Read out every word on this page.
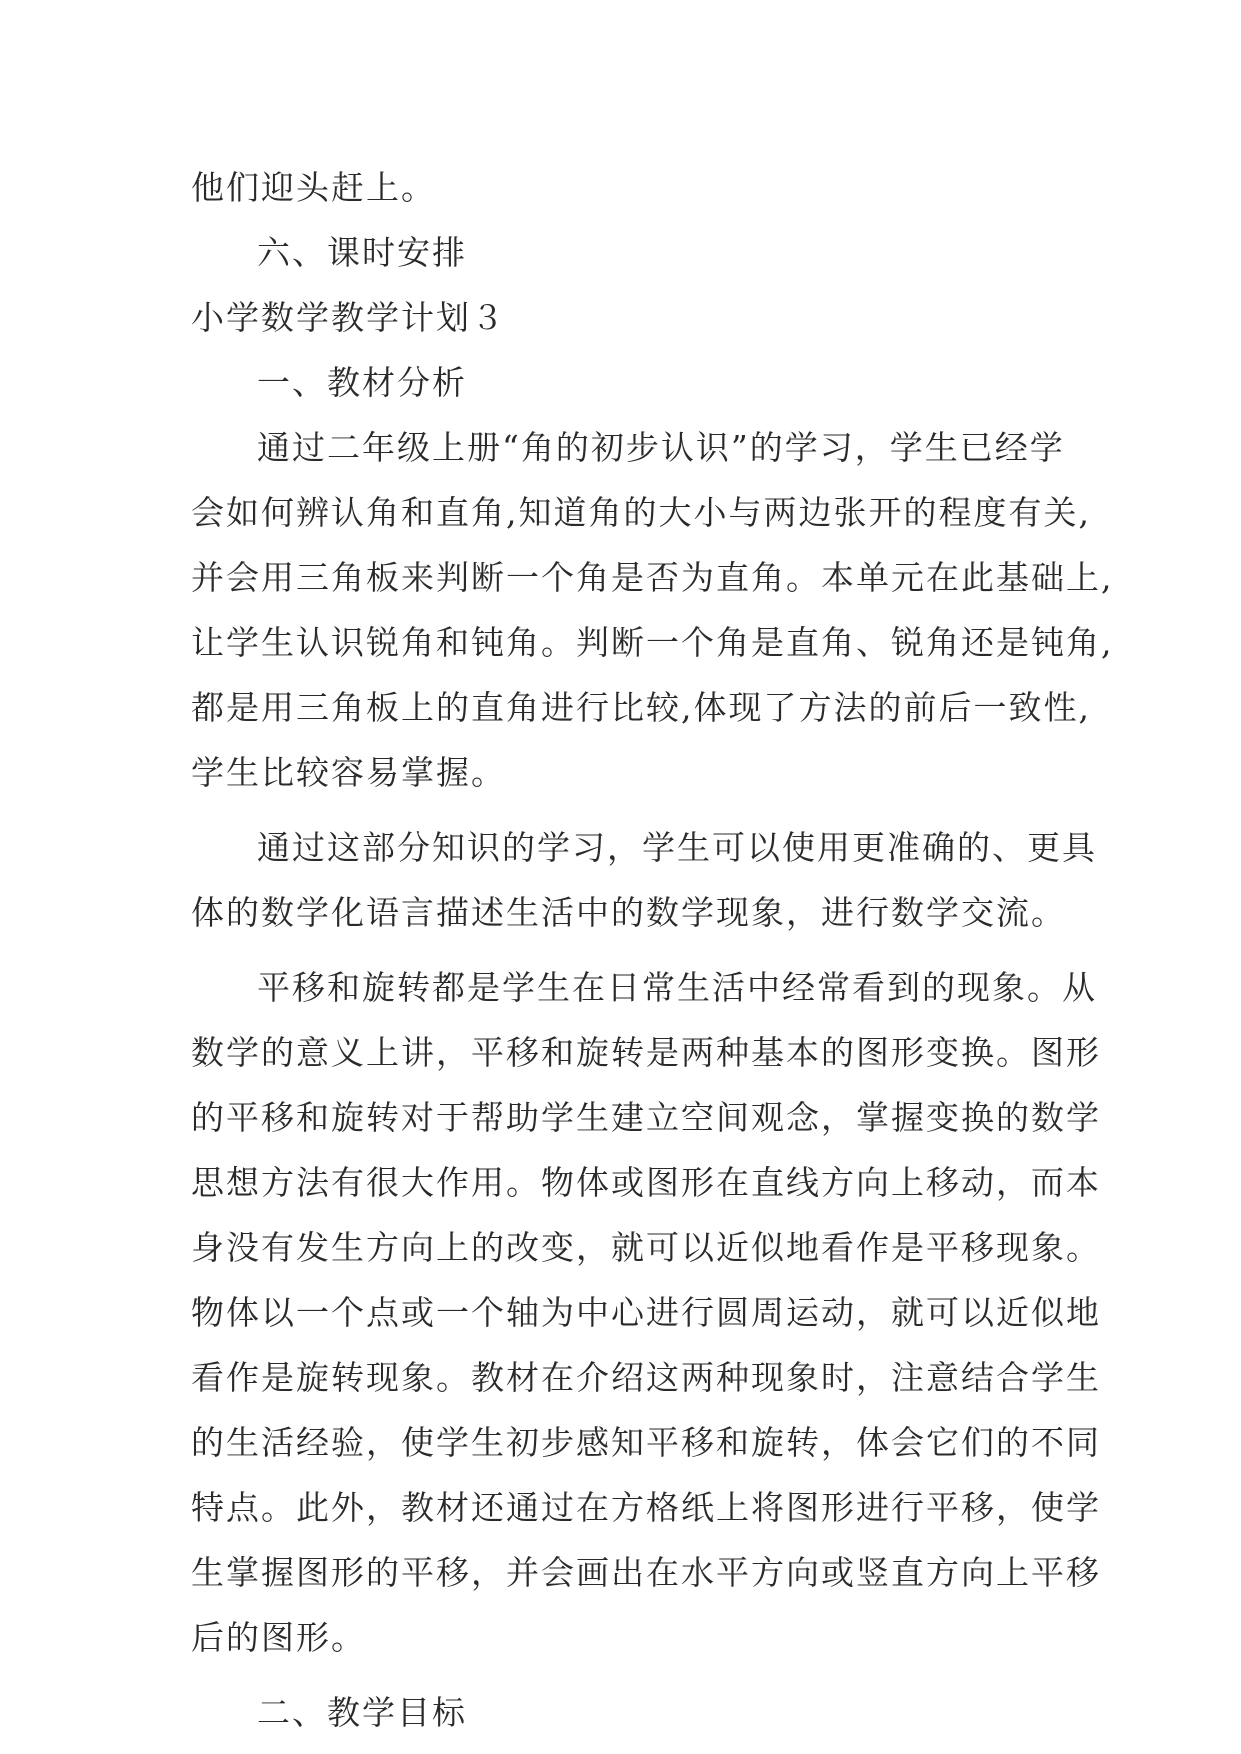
他们迎头赶上。
六、课时安排
小学数学教学计划３
一、教材分析
通过二年级上册“角的初步认识”的学习，学生已经学
会如何辨认角和直角,知道角的大小与两边张开的程度有关,
并会用三角板来判断一个角是否为直角。本单元在此基础上,
让学生认识锐角和钝角。判断一个角是直角、锐角还是钝角,
都是用三角板上的直角进行比较,体现了方法的前后一致性,
学生比较容易掌握。
通过这部分知识的学习，学生可以使用更准确的、更具
体的数学化语言描述生活中的数学现象，进行数学交流。
平移和旋转都是学生在日常生活中经常看到的现象。从
数学的意义上讲，平移和旋转是两种基本的图形变换。图形
的平移和旋转对于帮助学生建立空间观念，掌握变换的数学
思想方法有很大作用。物体或图形在直线方向上移动，而本
身没有发生方向上的改变，就可以近似地看作是平移现象。
物体以一个点或一个轴为中心进行圆周运动，就可以近似地
看作是旋转现象。教材在介绍这两种现象时，注意结合学生
的生活经验，使学生初步感知平移和旋转，体会它们的不同
特点。此外，教材还通过在方格纸上将图形进行平移，使学
生掌握图形的平移，并会画出在水平方向或竖直方向上平移
后的图形。
二、教学目标
